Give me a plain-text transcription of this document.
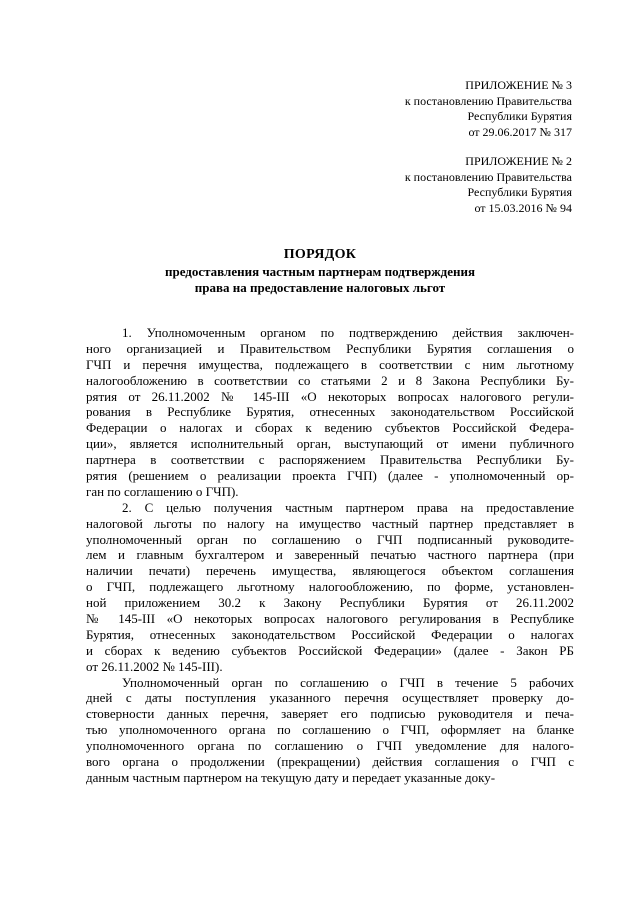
ПРИЛОЖЕНИЕ № 3
к постановлению Правительства
Республики Бурятия
от 29.06.2017 № 317
ПРИЛОЖЕНИЕ № 2
к постановлению Правительства
Республики Бурятия
от 15.03.2016 № 94
ПОРЯДОК
предоставления частным партнерам подтверждения
права на предоставление налоговых льгот
1. Уполномоченным органом по подтверждению действия заключен-
ного организацией и Правительством Республики Бурятия соглашения о
ГЧП и перечня имущества, подлежащего в соответствии с ним льготному
налогообложению в соответствии со статьями 2 и 8 Закона Республики Бу-
рятия от 26.11.2002 № 145-III «О некоторых вопросах налогового регули-
рования в Республике Бурятия, отнесенных законодательством Российской
Федерации о налогах и сборах к ведению субъектов Российской Федера-
ции», является исполнительный орган, выступающий от имени публичного
партнера в соответствии с распоряжением Правительства Республики Бу-
рятия (решением о реализации проекта ГЧП) (далее - уполномоченный ор-
ган по соглашению о ГЧП).
2. С целью получения частным партнером права на предоставление
налоговой льготы по налогу на имущество частный партнер представляет в
уполномоченный орган по соглашению о ГЧП подписанный руководите-
лем и главным бухгалтером и заверенный печатью частного партнера (при
наличии печати) перечень имущества, являющегося объектом соглашения
о ГЧП, подлежащего льготному налогообложению, по форме, установлен-
ной приложением 30.2 к Закону Республики Бурятия от 26.11.2002
№ 145-III «О некоторых вопросах налогового регулирования в Республике
Бурятия, отнесенных законодательством Российской Федерации о налогах
и сборах к ведению субъектов Российской Федерации» (далее - Закон РБ
от 26.11.2002 № 145-III).
Уполномоченный орган по соглашению о ГЧП в течение 5 рабочих
дней с даты поступления указанного перечня осуществляет проверку до-
стоверности данных перечня, заверяет его подписью руководителя и печа-
тью уполномоченного органа по соглашению о ГЧП, оформляет на бланке
уполномоченного органа по соглашению о ГЧП уведомление для налого-
вого органа о продолжении (прекращении) действия соглашения о ГЧП с
данным частным партнером на текущую дату и передает указанные доку-
